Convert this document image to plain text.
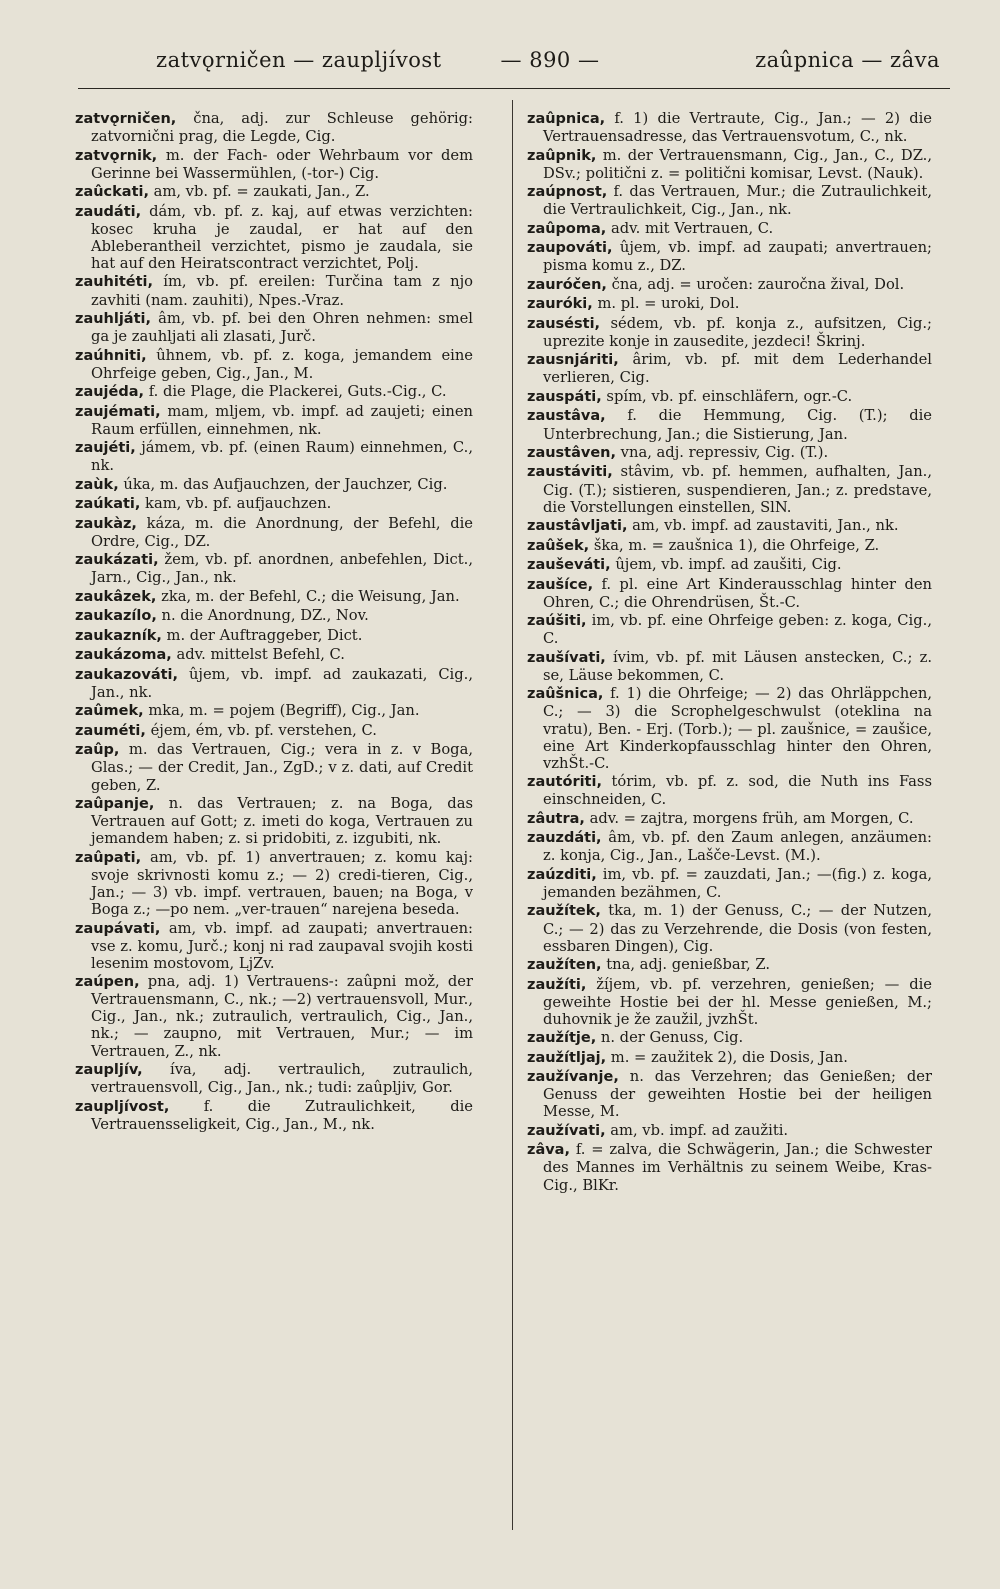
zatvǫrničen — zaupljívost	— 890 —	zaûpnica — zâva

zatvǫrničen, čna, adj. zur Schleuse gehörig: zatvornični prag, die Legde, Cig.

zatvǫrnik, m. der Fach- oder Wehrbaum vor dem Gerinne bei Wassermühlen, (-tor-) Cig.

zaûckati, am, vb. pf. = zaukati, Jan., Z.

zaudáti, dám, vb. pf. z. kaj, auf etwas verzichten: kosec kruha je zaudal, er hat auf den Ableberantheil verzichtet, pismo je zaudala, sie hat auf den Heiratscontract verzichtet, Polj.

zauhitéti, ím, vb. pf. ereilen: Turčina tam z njo zavhiti (nam. zauhiti), Npes.-Vraz.

zauhljáti, âm, vb. pf. bei den Ohren nehmen: smel ga je zauhljati ali zlasati, Jurč.

zaúhniti, ûhnem, vb. pf. z. koga, jemandem eine Ohrfeige geben, Cig., Jan., M.

zaujéda, f. die Plage, die Plackerei, Guts.-Cig., C.

zaujémati, mam, mljem, vb. impf. ad zaujeti; einen Raum erfüllen, einnehmen, nk.

zaujéti, jámem, vb. pf. (einen Raum) einnehmen, C., nk.

zaùk, úka, m. das Aufjauchzen, der Jauchzer, Cig.

zaúkati, kam, vb. pf. aufjauchzen.

zaukàz, káza, m. die Anordnung, der Befehl, die Ordre, Cig., DZ.

zaukázati, žem, vb. pf. anordnen, anbefehlen, Dict., Jarn., Cig., Jan., nk.

zaukâzek, zka, m. der Befehl, C.; die Weisung, Jan.

zaukazílo, n. die Anordnung, DZ., Nov.

zaukazník, m. der Auftraggeber, Dict.

zaukázoma, adv. mittelst Befehl, C.

zaukazováti, ûjem, vb. impf. ad zaukazati, Cig., Jan., nk.

zaûmek, mka, m. = pojem (Begriff), Cig., Jan.

zauméti, éjem, ém, vb. pf. verstehen, C.

zaûp, m. das Vertrauen, Cig.; vera in z. v Boga, Glas.; — der Credit, Jan., ZgD.; v z. dati, auf Credit geben, Z.

zaûpanje, n. das Vertrauen; z. na Boga, das Vertrauen auf Gott; z. imeti do koga, Vertrauen zu jemandem haben; z. si pridobiti, z. izgubiti, nk.

zaûpati, am, vb. pf. 1) anvertrauen; z. komu kaj: svoje skrivnosti komu z.; — 2) credi-tieren, Cig., Jan.; — 3) vb. impf. vertrauen, bauen; na Boga, v Boga z.; —po nem. „ver-trauen“ narejena beseda.

zaupávati, am, vb. impf. ad zaupati; anvertrauen: vse z. komu, Jurč.; konj ni rad zaupaval svojih kosti lesenim mostovom, LjZv.

zaúpen, pna, adj. 1) Vertrauens-: zaûpni mož, der Vertrauensmann, C., nk.; —2) vertrauensvoll, Mur., Cig., Jan., nk.; zutraulich, vertraulich, Cig., Jan., nk.; — zaupno, mit Vertrauen, Mur.; — im Vertrauen, Z., nk.

zaupljív, íva, adj. vertraulich, zutraulich, vertrauensvoll, Cig., Jan., nk.; tudi: zaûpljiv, Gor.

zaupljívost, f. die Zutraulichkeit, die Vertrauensseligkeit, Cig., Jan., M., nk.

zaûpnica, f. 1) die Vertraute, Cig., Jan.; — 2) die Vertrauensadresse, das Vertrauensvotum, C., nk.

zaûpnik, m. der Vertrauensmann, Cig., Jan., C., DZ., DSv.; politični z. = politični komisar, Levst. (Nauk).

zaúpnost, f. das Vertrauen, Mur.; die Zutraulichkeit, die Vertraulichkeit, Cig., Jan., nk.

zaûpoma, adv. mit Vertrauen, C.

zaupováti, ûjem, vb. impf. ad zaupati; anvertrauen; pisma komu z., DZ.

zauróčen, čna, adj. = uročen: zauročna žival, Dol.

zauróki, m. pl. = uroki, Dol.

zausésti, sédem, vb. pf. konja z., aufsitzen, Cig.; uprezite konje in zausedite, jezdeci! Škrinj.

zausnjáriti, ârim, vb. pf. mit dem Lederhandel verlieren, Cig.

zauspáti, spím, vb. pf. einschläfern, ogr.-C.

zaustâva, f. die Hemmung, Cig. (T.); die Unterbrechung, Jan.; die Sistierung, Jan.

zaustâven, vna, adj. repressiv, Cig. (T.).

zaustáviti, stâvim, vb. pf. hemmen, aufhalten, Jan., Cig. (T.); sistieren, suspendieren, Jan.; z. predstave, die Vorstellungen einstellen, SlN.

zaustâvljati, am, vb. impf. ad zaustaviti, Jan., nk.

zaûšek, ška, m. = zaušnica 1), die Ohrfeige, Z.

zauševáti, ûjem, vb. impf. ad zaušiti, Cig.

zaušíce, f. pl. eine Art Kinderausschlag hinter den Ohren, C.; die Ohrendrüsen, Št.-C.

zaúšiti, im, vb. pf. eine Ohrfeige geben: z. koga, Cig., C.

zaušívati, ívim, vb. pf. mit Läusen anstecken, C.; z. se, Läuse bekommen, C.

zaûšnica, f. 1) die Ohrfeige; — 2) das Ohrläppchen, C.; — 3) die Scrophelgeschwulst (oteklina na vratu), Ben. - Erj. (Torb.); — pl. zaušnice, = zaušice, eine Art Kinderkopfausschlag hinter den Ohren, vzhŠt.-C.

zautóriti, tórim, vb. pf. z. sod, die Nuth ins Fass einschneiden, C.

zâutra, adv. = zajtra, morgens früh, am Morgen, C.

zauzdáti, âm, vb. pf. den Zaum anlegen, anzäumen: z. konja, Cig., Jan., Lašče-Levst. (M.).

zaúzditi, im, vb. pf. = zauzdati, Jan.; —(fig.) z. koga, jemanden bezähmen, C.

zaužítek, tka, m. 1) der Genuss, C.; — der Nutzen, C.; — 2) das zu Verzehrende, die Dosis (von festen, essbaren Dingen), Cig.

zaužíten, tna, adj. genießbar, Z.

zaužíti, žíjem, vb. pf. verzehren, genießen; — die geweihte Hostie bei der hl. Messe genießen, M.; duhovnik je že zaužil, jvzhŠt.

zaužítje, n. der Genuss, Cig.

zaužítljaj, m. = zaužitek 2), die Dosis, Jan.

zaužívanje, n. das Verzehren; das Genießen; der Genuss der geweihten Hostie bei der heiligen Messe, M.

zaužívati, am, vb. impf. ad zaužiti.

zâva, f. = zalva, die Schwägerin, Jan.; die Schwester des Mannes im Verhältnis zu seinem Weibe, Kras-Cig., BlKr.
